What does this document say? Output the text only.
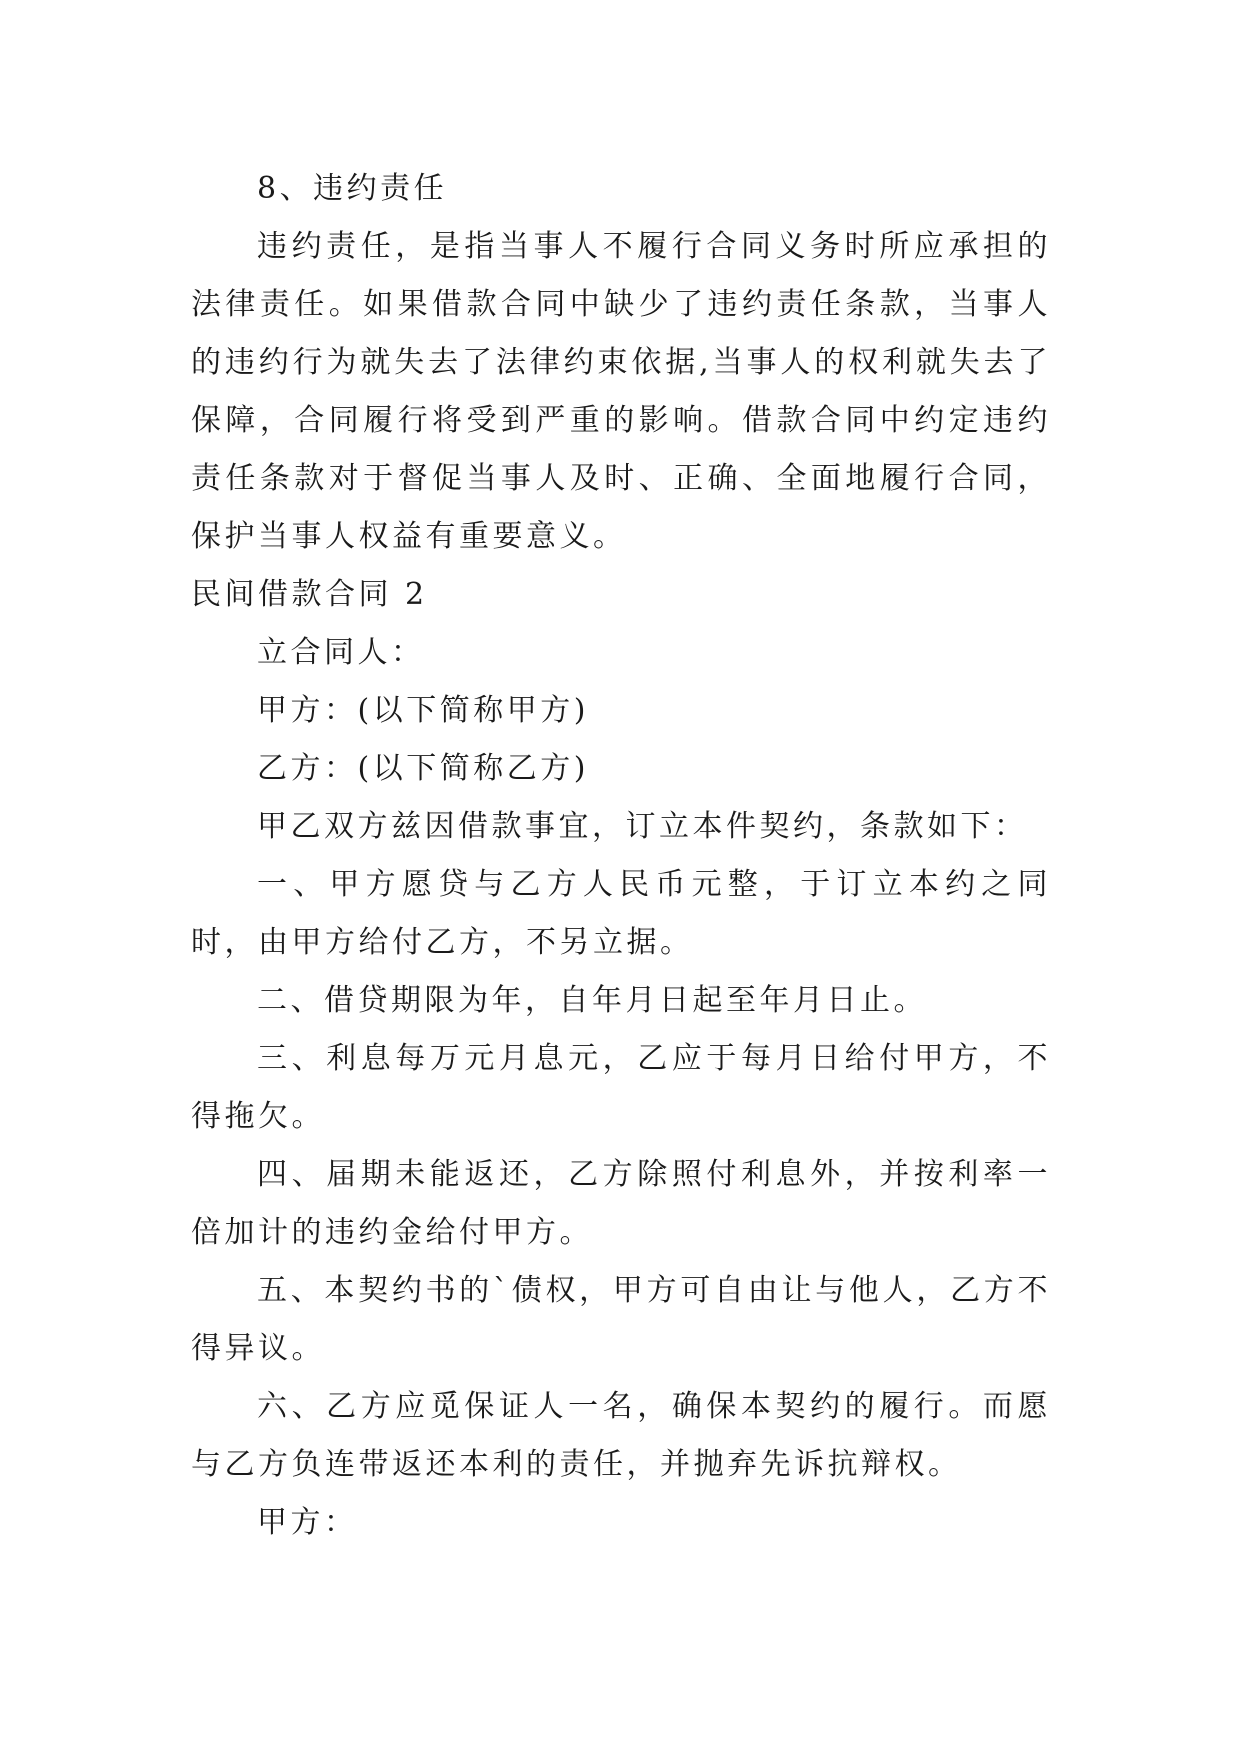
8、违约责任

违约责任，是指当事人不履行合同义务时所应承担的法律责任。如果借款合同中缺少了违约责任条款，当事人的违约行为就失去了法律约束依据,当事人的权利就失去了保障，合同履行将受到严重的影响。借款合同中约定违约责任条款对于督促当事人及时、正确、全面地履行合同，保护当事人权益有重要意义。

民间借款合同 2

立合同人：

甲方：(以下简称甲方)

乙方：(以下简称乙方)

甲乙双方兹因借款事宜，订立本件契约，条款如下：

一、甲方愿贷与乙方人民币元整，于订立本约之同时，由甲方给付乙方，不另立据。

二、借贷期限为年，自年月日起至年月日止。

三、利息每万元月息元，乙应于每月日给付甲方，不得拖欠。

四、届期未能返还，乙方除照付利息外，并按利率一倍加计的违约金给付甲方。

五、本契约书的`债权，甲方可自由让与他人，乙方不得异议。

六、乙方应觅保证人一名，确保本契约的履行。而愿与乙方负连带返还本利的责任，并抛弃先诉抗辩权。

甲方：
